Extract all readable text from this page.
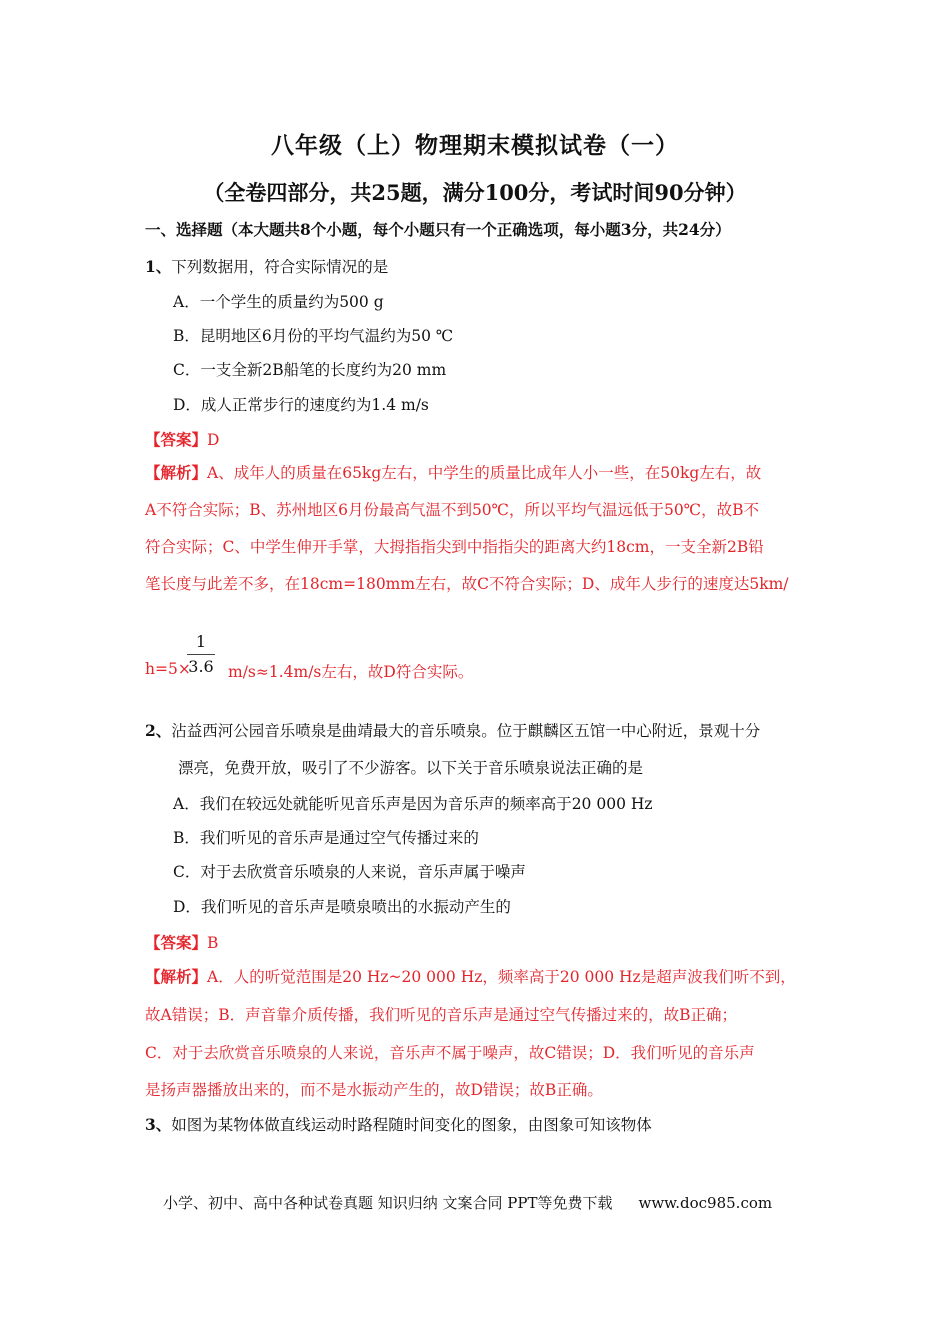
八年级（上）物理期末模拟试卷（一）
（全卷四部分，共25题，满分100分，考试时间90分钟）
一、选择题（本大题共8个小题，每个小题只有一个正确选项，每小题3分，共24分）
1、下列数据用，符合实际情况的是
A．一个学生的质量约为500 g
B．昆明地区6月份的平均气温约为50 ℃
C．一支全新2B船笔的长度约为20 mm
D．成人正常步行的速度约为1.4 m/s
【答案】D
【解析】A、成年人的质量在65kg左右，中学生的质量比成年人小一些，在50kg左右，故
A不符合实际；B、苏州地区6月份最高气温不到50℃，所以平均气温远低于50℃，故B不
符合实际；C、中学生伸开手掌，大拇指指尖到中指指尖的距离大约18cm，一支全新2B铅
笔长度与此差不多，在18cm=180mm左右，故C不符合实际；D、成年人步行的速度达5km/
1
3.6
h=5× m/s≈1.4m/s左右，故D符合实际。
2、沾益西河公园音乐喷泉是曲靖最大的音乐喷泉。位于麒麟区五馆一中心附近，景观十分
漂亮，免费开放，吸引了不少游客。以下关于音乐喷泉说法正确的是
A．我们在较远处就能听见音乐声是因为音乐声的频率高于20 000 Hz
B．我们听见的音乐声是通过空气传播过来的
C．对于去欣赏音乐喷泉的人来说，音乐声属于噪声
D．我们听见的音乐声是喷泉喷出的水振动产生的
【答案】B
【解析】A．人的听觉范围是20 Hz~20 000 Hz，频率高于20 000 Hz是超声波我们听不到，
故A错误；B．声音靠介质传播，我们听见的音乐声是通过空气传播过来的，故B正确；
C．对于去欣赏音乐喷泉的人来说，音乐声不属于噪声，故C错误；D．我们听见的音乐声
是扬声器播放出来的，而不是水振动产生的，故D错误；故B正确。
3、如图为某物体做直线运动时路程随时间变化的图象，由图象可知该物体
小学、初中、高中各种试卷真题 知识归纳 文案合同 PPT等免费下载 www.doc985.com
